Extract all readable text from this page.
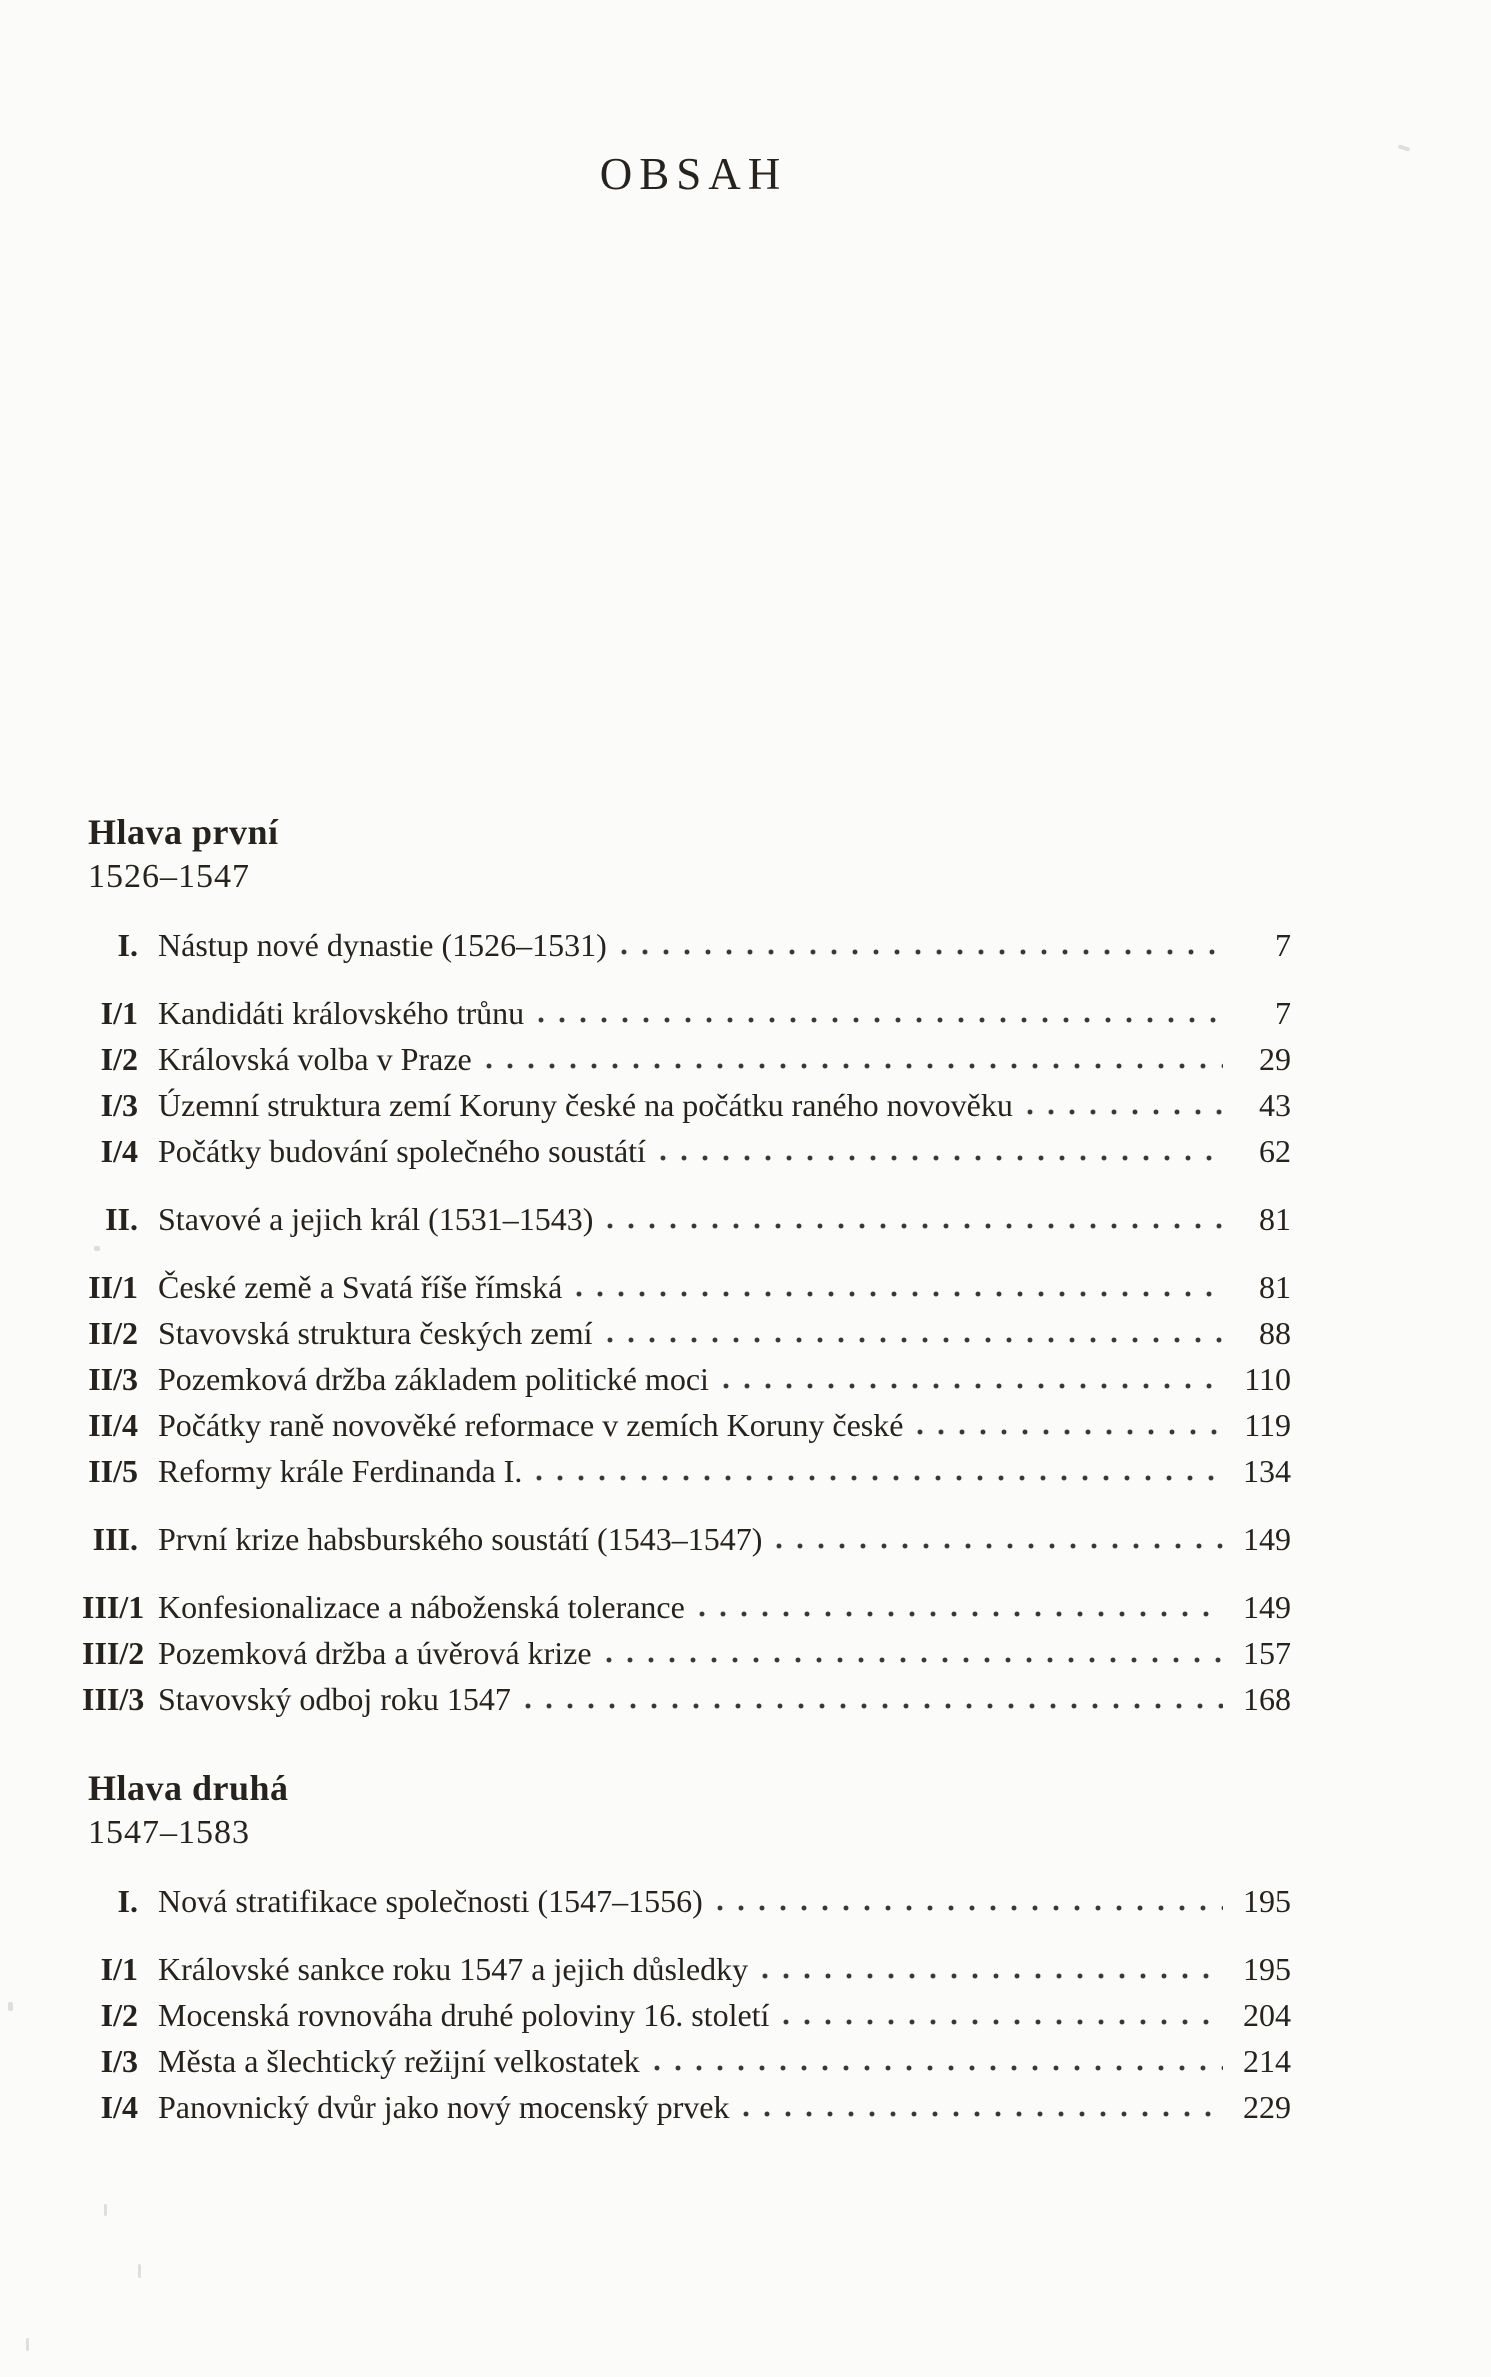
OBSAH
Hlava první
1526–1547
I. Nástup nové dynastie (1526–1531)	7
I/1 Kandidáti královského trůnu	7
I/2 Královská volba v Praze	29
I/3 Územní struktura zemí Koruny české na počátku raného novověku	43
I/4 Počátky budování společného soustátí	62
II. Stavové a jejich král (1531–1543)	81
II/1 České země a Svatá říše římská	81
II/2 Stavovská struktura českých zemí	88
II/3 Pozemková držba základem politické moci	110
II/4 Počátky raně novověké reformace v zemích Koruny české	119
II/5 Reformy krále Ferdinanda I.	134
III. První krize habsburského soustátí (1543–1547)	149
III/1 Konfesionalizace a náboženská tolerance	149
III/2 Pozemková držba a úvěrová krize	157
III/3 Stavovský odboj roku 1547	168
Hlava druhá
1547–1583
I. Nová stratifikace společnosti (1547–1556)	195
I/1 Královské sankce roku 1547 a jejich důsledky	195
I/2 Mocenská rovnováha druhé poloviny 16. století	204
I/3 Města a šlechtický režijní velkostatek	214
I/4 Panovnický dvůr jako nový mocenský prvek	229
